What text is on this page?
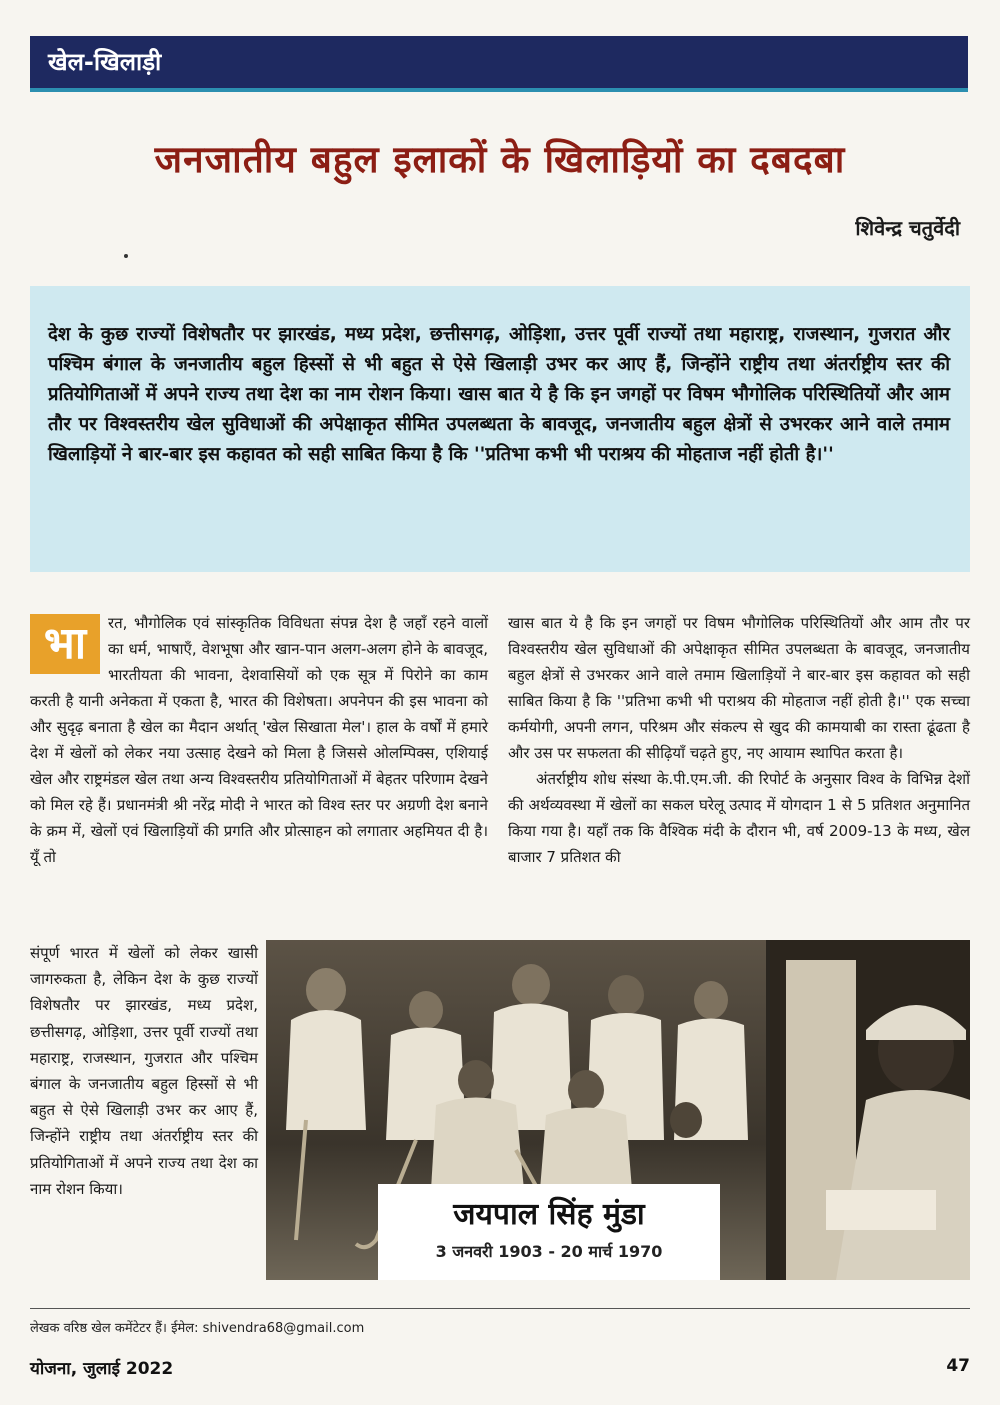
खेल-खिलाड़ी
जनजातीय बहुल इलाकों के खिलाड़ियों का दबदबा
शिवेन्द्र चतुर्वेदी
देश के कुछ राज्यों विशेषतौर पर झारखंड, मध्य प्रदेश, छत्तीसगढ़, ओड़िशा, उत्तर पूर्वी राज्यों तथा महाराष्ट्र, राजस्थान, गुजरात और पश्चिम बंगाल के जनजातीय बहुल हिस्सों से भी बहुत से ऐसे खिलाड़ी उभर कर आए हैं, जिन्होंने राष्ट्रीय तथा अंतर्राष्ट्रीय स्तर की प्रतियोगिताओं में अपने राज्य तथा देश का नाम रोशन किया। खास बात ये है कि इन जगहों पर विषम भौगोलिक परिस्थितियों और आम तौर पर विश्वस्तरीय खेल सुविधाओं की अपेक्षाकृत सीमित उपलब्धता के बावजूद, जनजातीय बहुल क्षेत्रों से उभरकर आने वाले तमाम खिलाड़ियों ने बार-बार इस कहावत को सही साबित किया है कि ''प्रतिभा कभी भी पराश्रय की मोहताज नहीं होती है।''
भा	रत, भौगोलिक एवं सांस्कृतिक विविधता संपन्न देश है जहाँ रहने वालों का धर्म, भाषाएँ, वेशभूषा और खान-पान अलग-अलग होने के बावजूद, भारतीयता की भावना, देशवासियों को एक सूत्र में पिरोने का काम करती है यानी अनेकता में एकता है, भारत की विशेषता। अपनेपन की इस भावना को और सुदृढ़ बनाता है खेल का मैदान अर्थात् 'खेल सिखाता मेल'। हाल के वर्षों में हमारे देश में खेलों को लेकर नया उत्साह देखने को मिला है जिससे ओलम्पिक्स, एशियाई खेल और राष्ट्रमंडल खेल तथा अन्य विश्वस्तरीय प्रतियोगिताओं में बेहतर परिणाम देखने को मिल रहे हैं। प्रधानमंत्री श्री नरेंद्र मोदी ने भारत को विश्व स्तर पर अग्रणी देश बनाने के क्रम में, खेलों एवं खिलाड़ियों की प्रगति और प्रोत्साहन को लगातार अहमियत दी है। यूँ तो
संपूर्ण भारत में खेलों को लेकर खासी जागरुकता है, लेकिन देश के कुछ राज्यों विशेषतौर पर झारखंड, मध्य प्रदेश, छत्तीसगढ़, ओड़िशा, उत्तर पूर्वी राज्यों तथा महाराष्ट्र, राजस्थान, गुजरात और पश्चिम बंगाल के जनजातीय बहुल हिस्सों से भी बहुत से ऐसे खिलाड़ी उभर कर आए हैं, जिन्होंने राष्ट्रीय तथा अंतर्राष्ट्रीय स्तर की प्रतियोगिताओं में अपने राज्य तथा देश का नाम रोशन किया।

खास बात ये है कि इन जगहों पर विषम भौगोलिक परिस्थितियों और आम तौर पर विश्वस्तरीय खेल सुविधाओं की अपेक्षाकृत सीमित उपलब्धता के बावजूद, जनजातीय बहुल क्षेत्रों से उभरकर आने वाले तमाम खिलाड़ियों ने बार-बार इस कहावत को सही साबित किया है कि ''प्रतिभा कभी भी पराश्रय की मोहताज नहीं होती है।'' एक सच्चा कर्मयोगी, अपनी लगन, परिश्रम और संकल्प से खुद की कामयाबी का रास्ता ढूंढता है और उस पर सफलता की सीढ़ियाँ चढ़ते हुए, नए आयाम स्थापित करता है।

अंतर्राष्ट्रीय शोध संस्था के.पी.एम.जी. की रिपोर्ट के अनुसार विश्व के विभिन्न देशों की अर्थव्यवस्था में खेलों का सकल घरेलू उत्पाद में योगदान 1 से 5 प्रतिशत अनुमानित किया गया है। यहाँ तक कि वैश्विक मंदी के दौरान भी, वर्ष 2009-13 के मध्य, खेल बाजार 7 प्रतिशत की

जयपाल सिंह मुंडा
3 जनवरी 1903 - 20 मार्च 1970
लेखक वरिष्ठ खेल कमेंटेटर हैं। ईमेल: shivendra68@gmail.com
योजना, जुलाई 2022	47
